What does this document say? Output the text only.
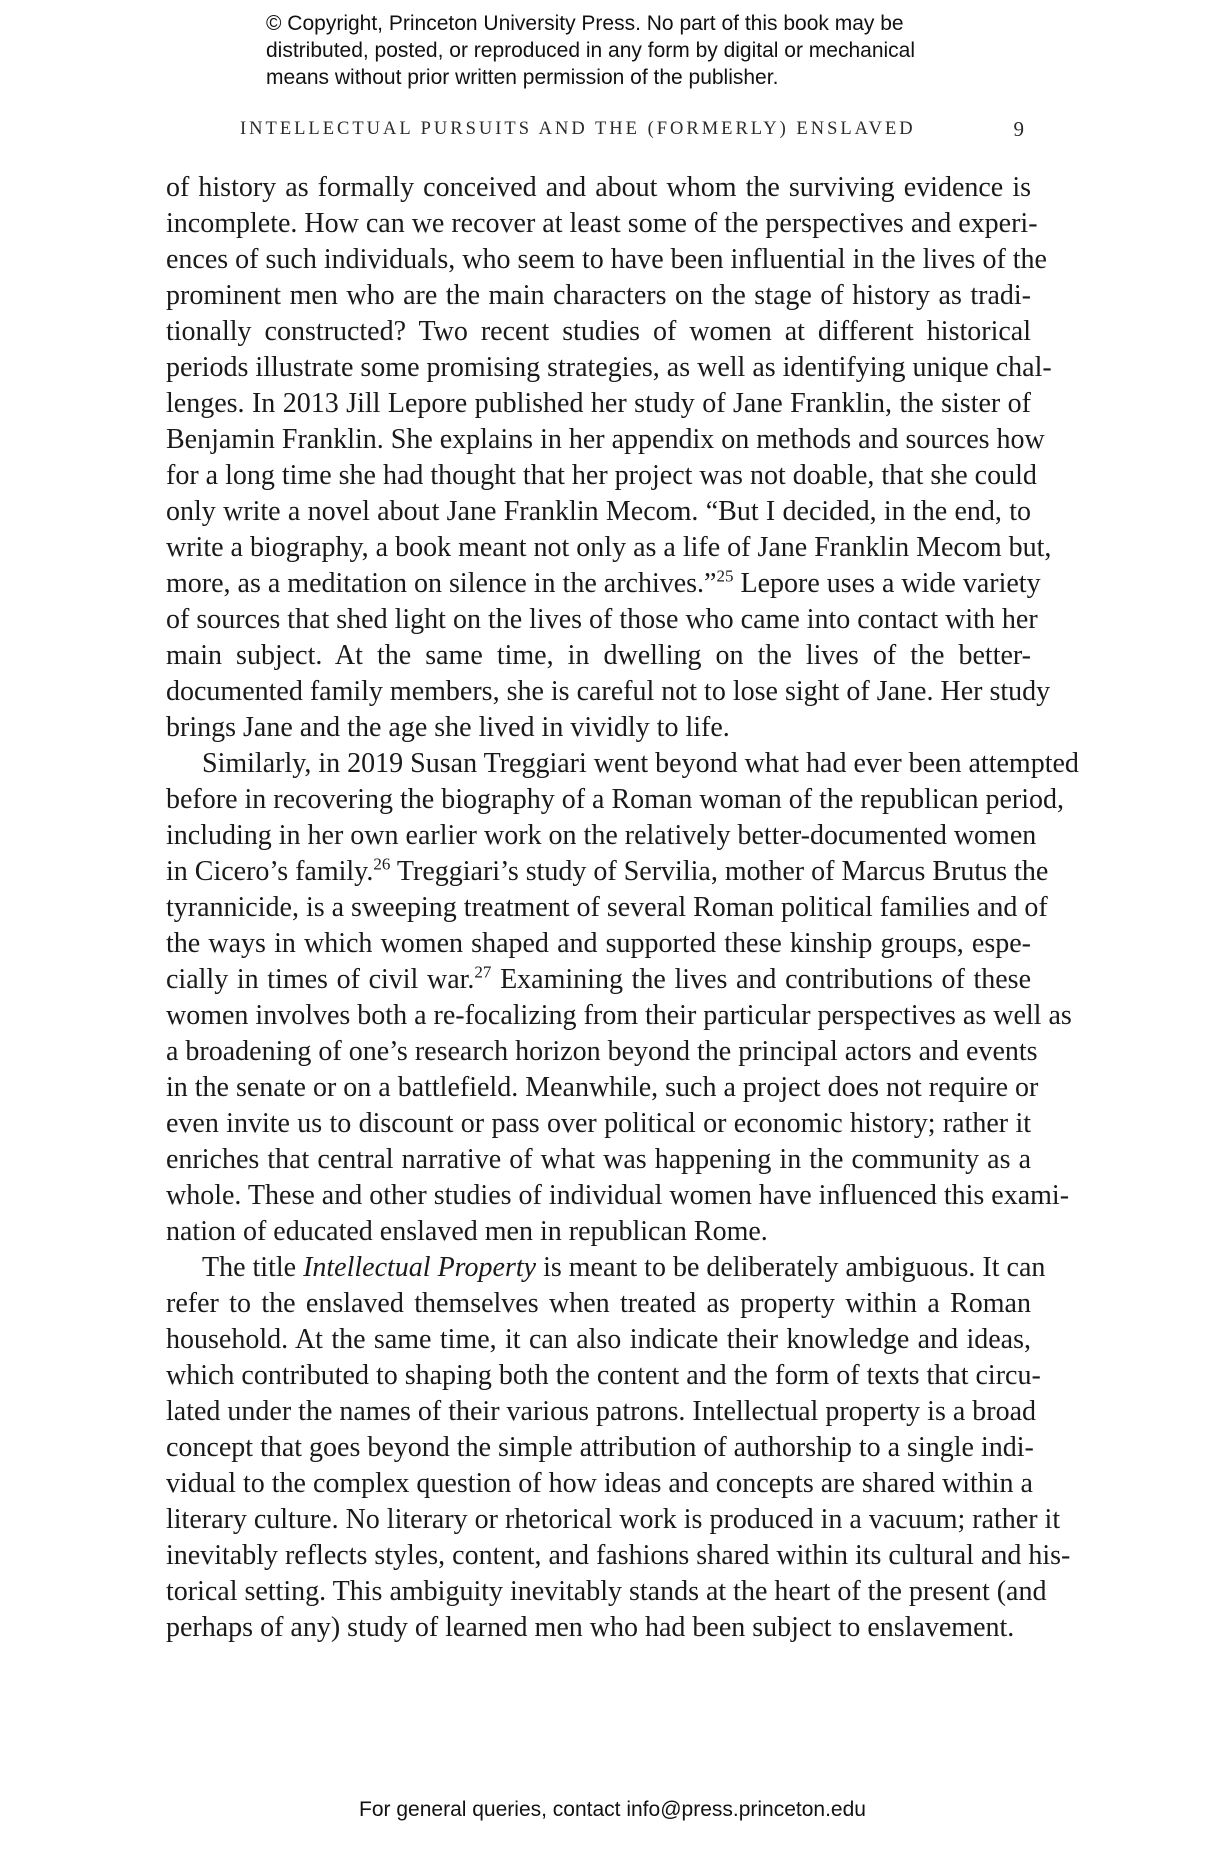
© Copyright, Princeton University Press. No part of this book may be
distributed, posted, or reproduced in any form by digital or mechanical
means without prior written permission of the publisher.
INTELLECTUAL PURSUITS AND THE (FORMERLY) ENSLAVED	9
of history as formally conceived and about whom the surviving evidence is
incomplete. How can we recover at least some of the perspectives and experi-
ences of such individuals, who seem to have been influential in the lives of the
prominent men who are the main characters on the stage of history as tradi-
tionally constructed? Two recent studies of women at different historical
periods illustrate some promising strategies, as well as identifying unique chal-
lenges. In 2013 Jill Lepore published her study of Jane Franklin, the sister of
Benjamin Franklin. She explains in her appendix on methods and sources how
for a long time she had thought that her project was not doable, that she could
only write a novel about Jane Franklin Mecom. “But I decided, in the end, to
write a biography, a book meant not only as a life of Jane Franklin Mecom but,
more, as a meditation on silence in the archives.”$^{25}$ Lepore uses a wide variety
of sources that shed light on the lives of those who came into contact with her
main subject. At the same time, in dwelling on the lives of the better-
documented family members, she is careful not to lose sight of Jane. Her study
brings Jane and the age she lived in vividly to life.
Similarly, in 2019 Susan Treggiari went beyond what had ever been attempted
before in recovering the biography of a Roman woman of the republican period,
including in her own earlier work on the relatively better-documented women
in Cicero’s family.$^{26}$ Treggiari’s study of Servilia, mother of Marcus Brutus the
tyrannicide, is a sweeping treatment of several Roman political families and of
the ways in which women shaped and supported these kinship groups, espe-
cially in times of civil war.$^{27}$ Examining the lives and contributions of these
women involves both a re-focalizing from their particular perspectives as well as
a broadening of one’s research horizon beyond the principal actors and events
in the senate or on a battlefield. Meanwhile, such a project does not require or
even invite us to discount or pass over political or economic history; rather it
enriches that central narrative of what was happening in the community as a
whole. These and other studies of individual women have influenced this exami-
nation of educated enslaved men in republican Rome.
The title Intellectual Property is meant to be deliberately ambiguous. It can
refer to the enslaved themselves when treated as property within a Roman
household. At the same time, it can also indicate their knowledge and ideas,
which contributed to shaping both the content and the form of texts that circu-
lated under the names of their various patrons. Intellectual property is a broad
concept that goes beyond the simple attribution of authorship to a single indi-
vidual to the complex question of how ideas and concepts are shared within a
literary culture. No literary or rhetorical work is produced in a vacuum; rather it
inevitably reflects styles, content, and fashions shared within its cultural and his-
torical setting. This ambiguity inevitably stands at the heart of the present (and
perhaps of any) study of learned men who had been subject to enslavement.
For general queries, contact info@press.princeton.edu
